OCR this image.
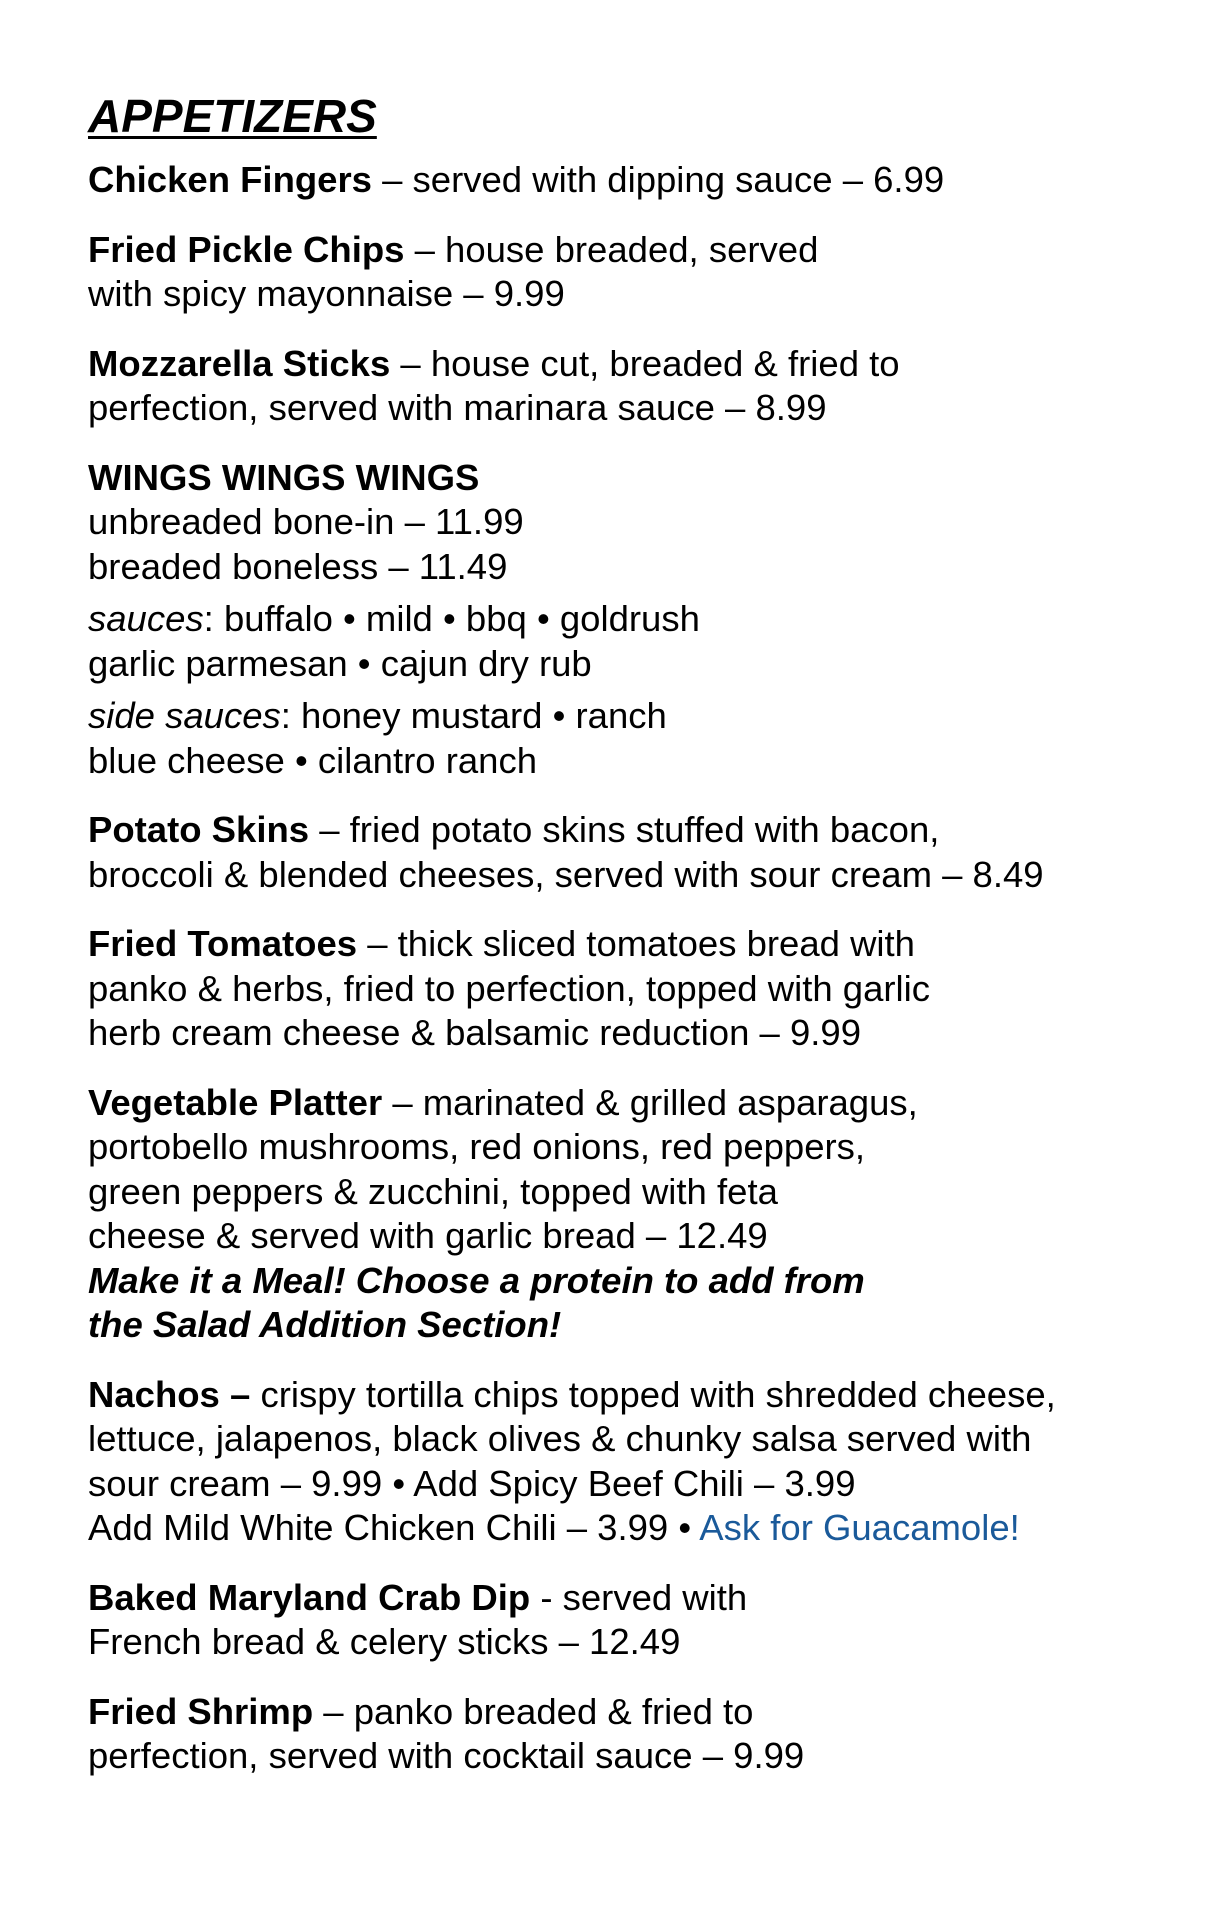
APPETIZERS
Chicken Fingers – served with dipping sauce – 6.99
Fried Pickle Chips – house breaded, served
with spicy mayonnaise – 9.99
Mozzarella Sticks – house cut, breaded & fried to
perfection, served with marinara sauce – 8.99
WINGS WINGS WINGS
unbreaded bone-in – 11.99
breaded boneless – 11.49
sauces: buffalo • mild • bbq • goldrush
garlic parmesan • cajun dry rub
side sauces: honey mustard • ranch
blue cheese • cilantro ranch
Potato Skins – fried potato skins stuffed with bacon,
broccoli & blended cheeses, served with sour cream – 8.49
Fried Tomatoes – thick sliced tomatoes bread with
panko & herbs, fried to perfection, topped with garlic
herb cream cheese & balsamic reduction – 9.99
Vegetable Platter – marinated & grilled asparagus,
portobello mushrooms, red onions, red peppers,
green peppers & zucchini, topped with feta
cheese & served with garlic bread – 12.49
Make it a Meal! Choose a protein to add from
the Salad Addition Section!
Nachos – crispy tortilla chips topped with shredded cheese,
lettuce, jalapenos, black olives & chunky salsa served with
sour cream – 9.99 • Add Spicy Beef Chili – 3.99
Add Mild White Chicken Chili – 3.99 • Ask for Guacamole!
Baked Maryland Crab Dip - served with
French bread & celery sticks – 12.49
Fried Shrimp – panko breaded & fried to
perfection, served with cocktail sauce – 9.99
